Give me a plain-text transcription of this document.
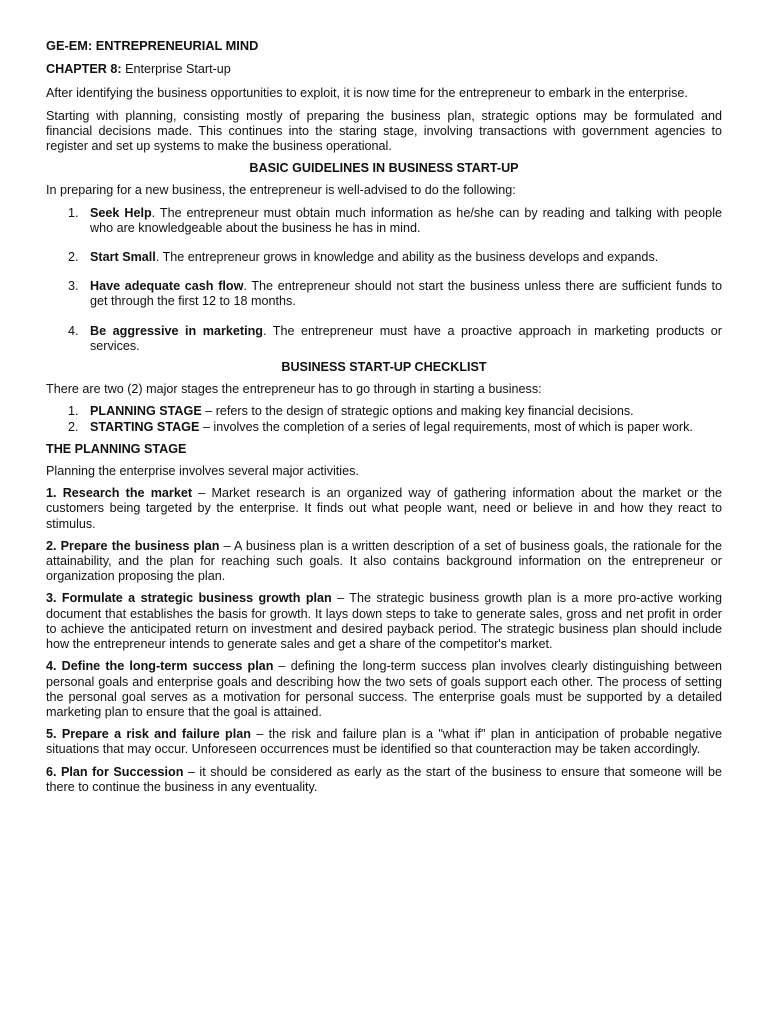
GE-EM: ENTREPRENEURIAL MIND
CHAPTER 8: Enterprise Start-up

After identifying the business opportunities to exploit, it is now time for the entrepreneur to embark in the enterprise.

Starting with planning, consisting mostly of preparing the business plan, strategic options may be formulated and financial decisions made. This continues into the staring stage, involving transactions with government agencies to register and set up systems to make the business operational.

BASIC GUIDELINES IN BUSINESS START-UP

In preparing for a new business, the entrepreneur is well-advised to do the following:

1. Seek Help. The entrepreneur must obtain much information as he/she can by reading and talking with people who are knowledgeable about the business he has in mind.
2. Start Small. The entrepreneur grows in knowledge and ability as the business develops and expands.
3. Have adequate cash flow. The entrepreneur should not start the business unless there are sufficient funds to get through the first 12 to 18 months.
4. Be aggressive in marketing. The entrepreneur must have a proactive approach in marketing products or services.
BUSINESS START-UP CHECKLIST

There are two (2) major stages the entrepreneur has to go through in starting a business:

1. PLANNING STAGE – refers to the design of strategic options and making key financial decisions.
2. STARTING STAGE – involves the completion of a series of legal requirements, most of which is paper work.
THE PLANNING STAGE

Planning the enterprise involves several major activities.

1. Research the market – Market research is an organized way of gathering information about the market or the customers being targeted by the enterprise. It finds out what people want, need or believe in and how they react to stimulus.
2. Prepare the business plan – A business plan is a written description of a set of business goals, the rationale for the attainability, and the plan for reaching such goals. It also contains background information on the entrepreneur or organization proposing the plan.
3. Formulate a strategic business growth plan – The strategic business growth plan is a more pro-active working document that establishes the basis for growth. It lays down steps to take to generate sales, gross and net profit in order to achieve the anticipated return on investment and desired payback period. The strategic business plan should include how the entrepreneur intends to generate sales and get a share of the competitor's market.
4. Define the long-term success plan – defining the long-term success plan involves clearly distinguishing between personal goals and enterprise goals and describing how the two sets of goals support each other. The process of setting the personal goal serves as a motivation for personal success. The enterprise goals must be supported by a detailed marketing plan to ensure that the goal is attained.
5. Prepare a risk and failure plan – the risk and failure plan is a "what if" plan in anticipation of probable negative situations that may occur. Unforeseen occurrences must be identified so that counteraction may be taken accordingly.
6. Plan for Succession – it should be considered as early as the start of the business to ensure that someone will be there to continue the business in any eventuality.
